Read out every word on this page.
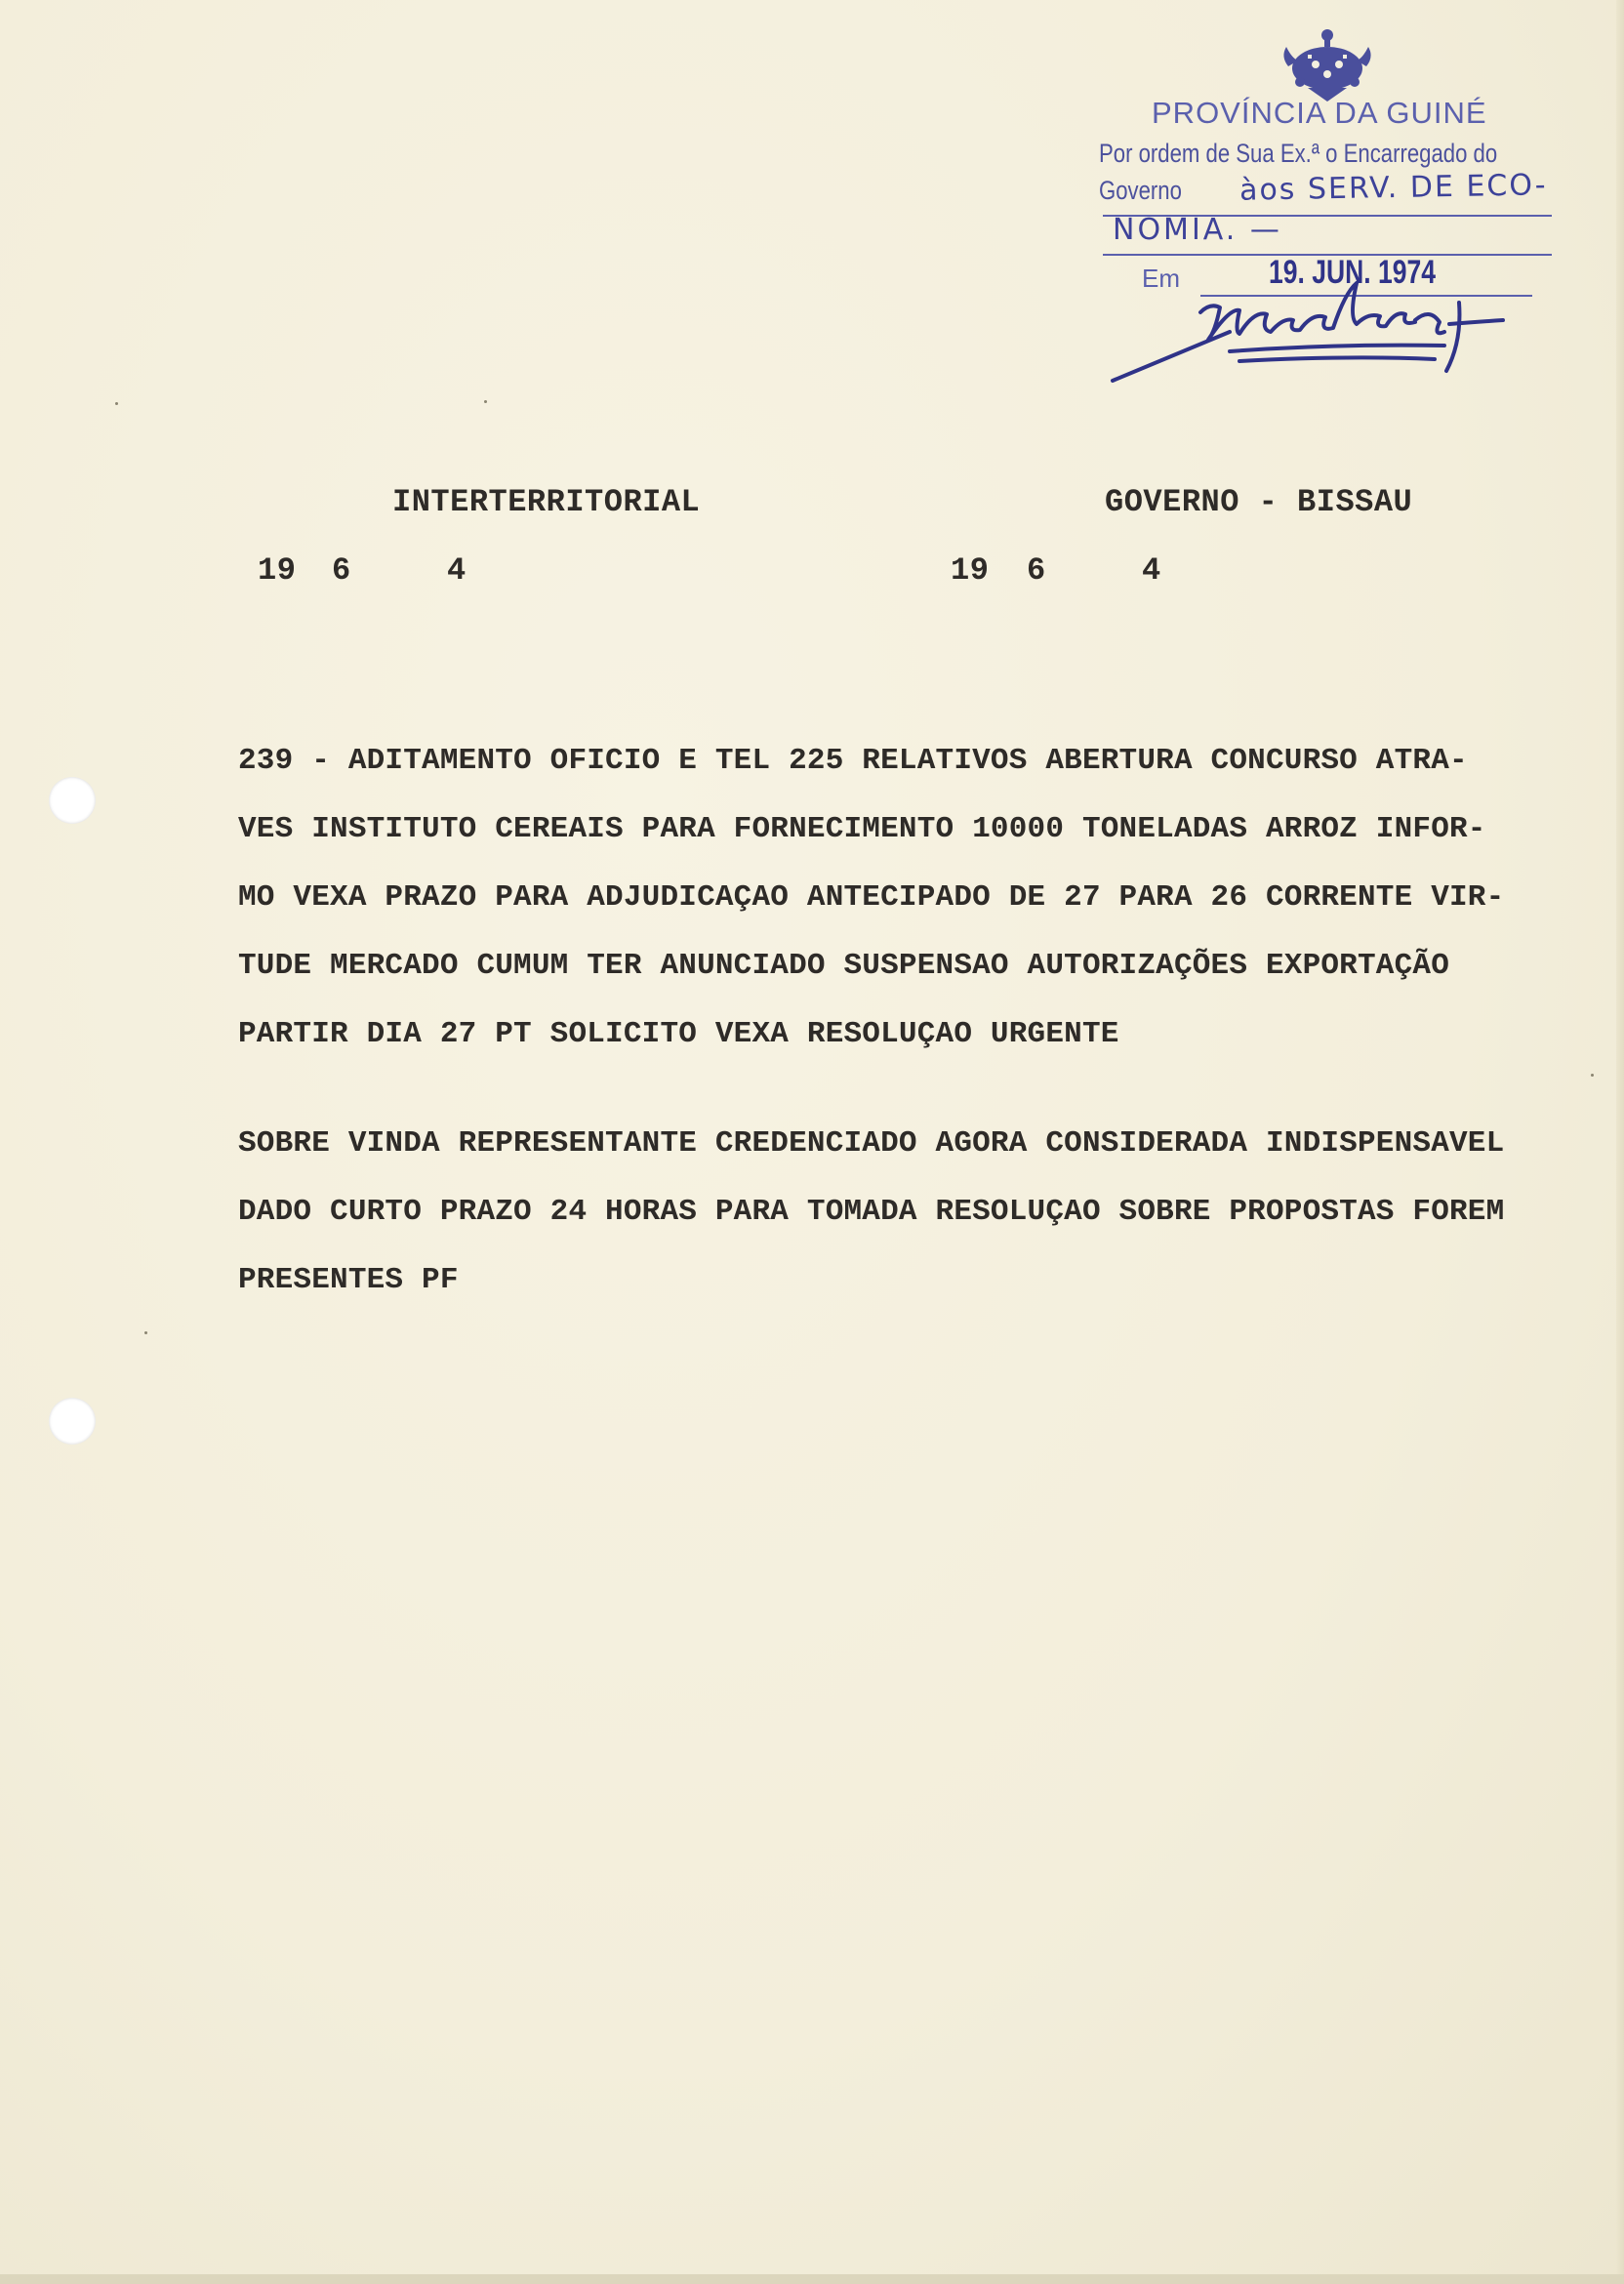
PROVÍNCIA DA GUINÉ
Por ordem de Sua Ex.ª o Encarregado do
Governo àos SERV. DE ECO-
NOMIA. —
Em	19. JUN. 1974
INTERTERRITORIAL	GOVERNO - BISSAU
19 6	4	19 6	4
239 - ADITAMENTO OFICIO E TEL 225 RELATIVOS ABERTURA CONCURSO ATRA-
VES INSTITUTO CEREAIS PARA FORNECIMENTO 10000 TONELADAS ARROZ INFOR-
MO VEXA PRAZO PARA ADJUDICAÇAO ANTECIPADO DE 27 PARA 26 CORRENTE VIR-
TUDE MERCADO CUMUM TER ANUNCIADO SUSPENSAO AUTORIZAÇÕES EXPORTAÇÃO
PARTIR DIA 27 PT SOLICITO VEXA RESOLUÇAO URGENTE
SOBRE VINDA REPRESENTANTE CREDENCIADO AGORA CONSIDERADA INDISPENSAVEL
DADO CURTO PRAZO 24 HORAS PARA TOMADA RESOLUÇAO SOBRE PROPOSTAS FOREM
PRESENTES PF
